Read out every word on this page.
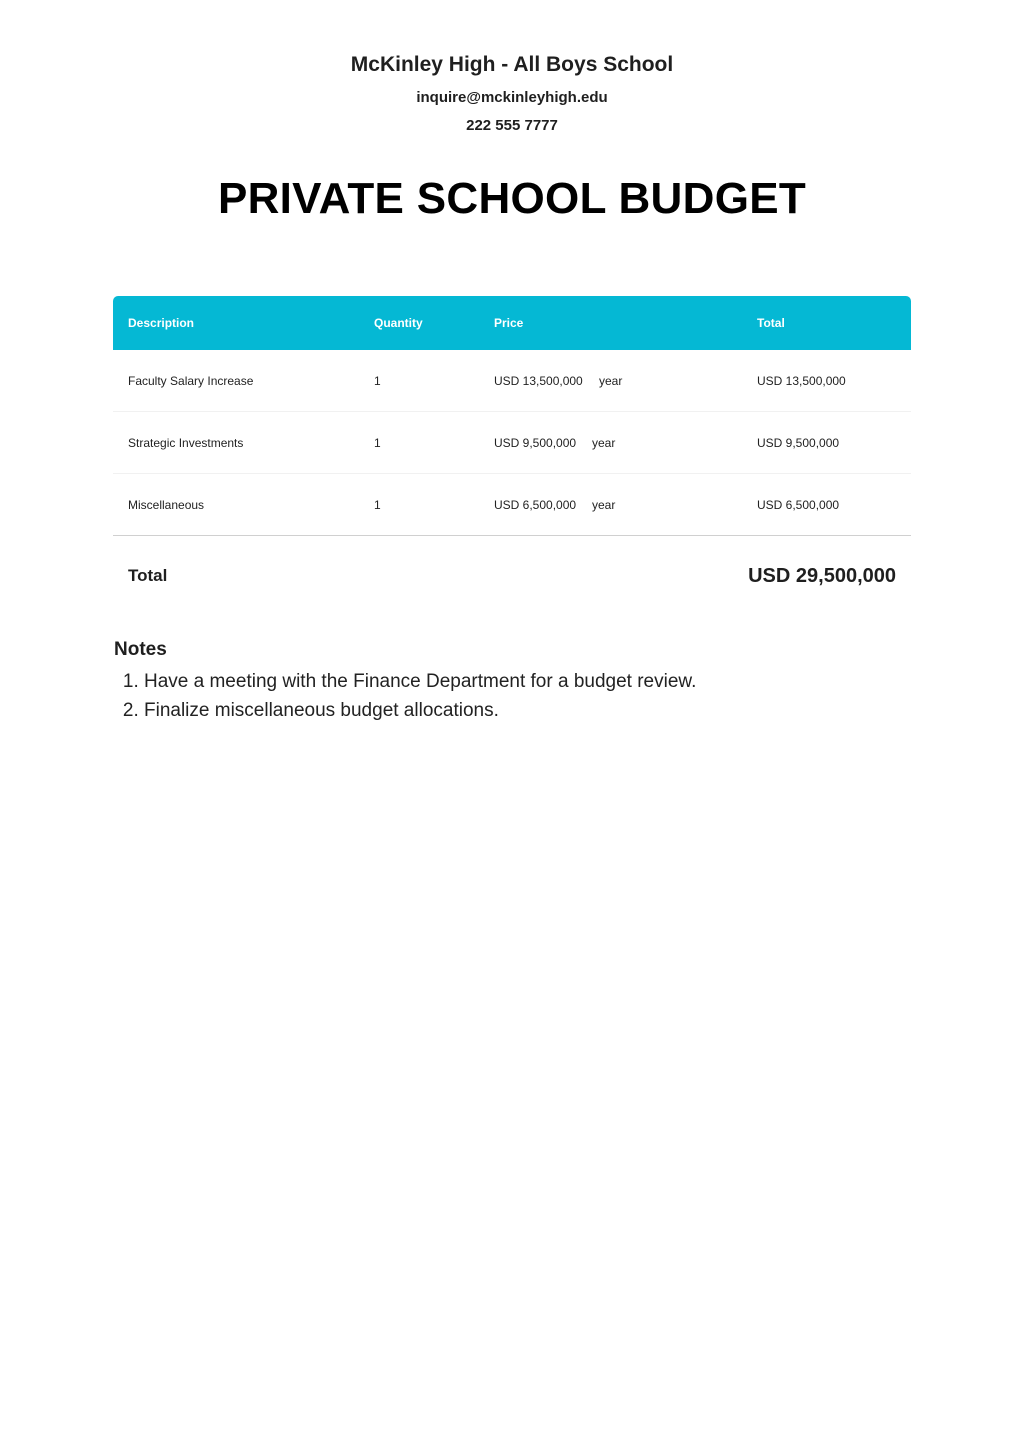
McKinley High - All Boys School
inquire@mckinleyhigh.edu
222 555 7777
PRIVATE SCHOOL BUDGET
Description	Quantity	Price	Total
Faculty Salary Increase	1	USD 13,500,000 year	USD 13,500,000
Strategic Investments	1	USD 9,500,000 year	USD 9,500,000
Miscellaneous	1	USD 6,500,000 year	USD 6,500,000
Total	USD 29,500,000
Notes
1. Have a meeting with the Finance Department for a budget review.
2. Finalize miscellaneous budget allocations.
